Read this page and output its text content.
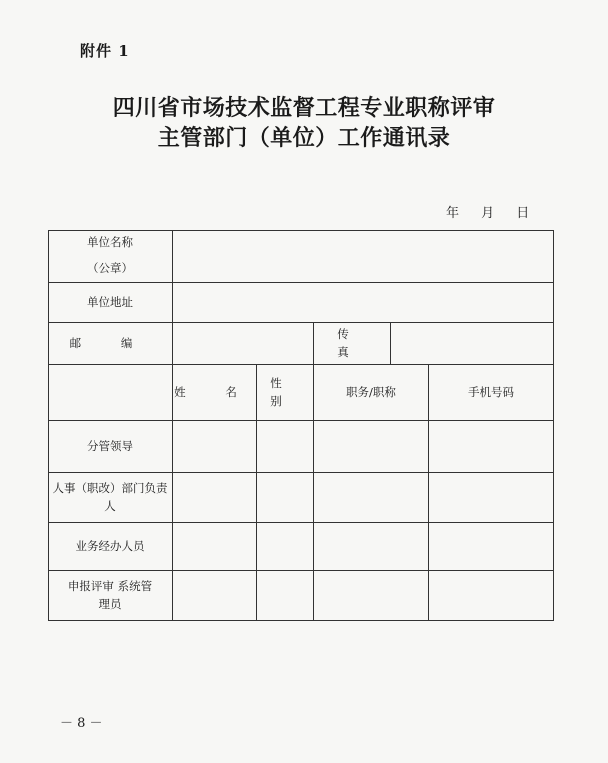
附件 1
四川省市场技术监督工程专业职称评审
主管部门（单位）工作通讯录
年 月 日
单位名称
（公章）
单位地址
邮 编
传 真
姓 名
性 别
职务/职称	手机号码
分管领导
人事（职改）部门负责人
业务经办人员
申报评审 系统管理员
－ 8 －
